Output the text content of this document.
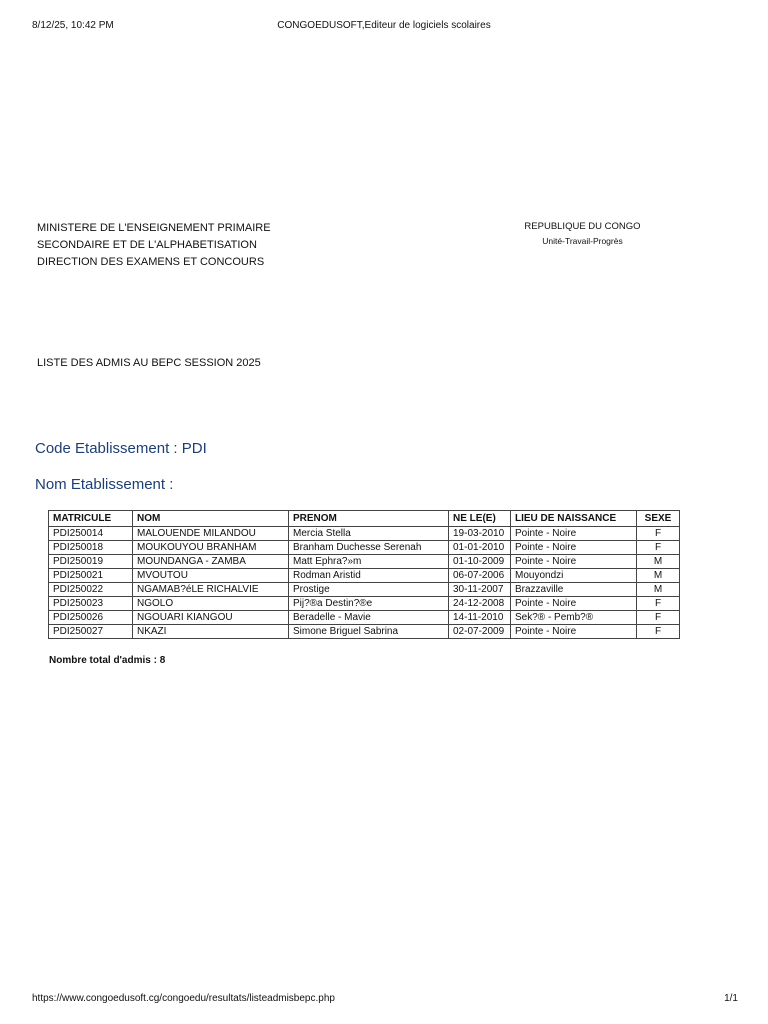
8/12/25, 10:42 PM	CONGOEDUSOFT,Editeur de logiciels scolaires
MINISTERE DE L'ENSEIGNEMENT PRIMAIRE
SECONDAIRE ET DE L'ALPHABETISATION
DIRECTION DES EXAMENS ET CONCOURS
REPUBLIQUE DU CONGO
Unité-Travail-Progrès
LISTE DES ADMIS AU BEPC SESSION 2025
Code Etablissement : PDI
Nom Etablissement :
MATRICULE	NOM	PRENOM	NE LE(E)	LIEU DE NAISSANCE	SEXE
PDI250014	MALOUENDE MILANDOU	Mercia Stella	19-03-2010	Pointe - Noire	F
PDI250018	MOUKOUYOU BRANHAM	Branham Duchesse Serenah	01-01-2010	Pointe - Noire	F
PDI250019	MOUNDANGA - ZAMBA	Matt Ephra?»m	01-10-2009	Pointe - Noire	M
PDI250021	MVOUTOU	Rodman Aristid	06-07-2006	Mouyondzi	M
PDI250022	NGAMAB?éLE RICHALVIE	Prostige	30-11-2007	Brazzaville	M
PDI250023	NGOLO	Pij?®a Destin?®e	24-12-2008	Pointe - Noire	F
PDI250026	NGOUARI KIANGOU	Beradelle - Mavie	14-11-2010	Sek?® - Pemb?®	F
PDI250027	NKAZI	Simone Briguel Sabrina	02-07-2009	Pointe - Noire	F
Nombre total d'admis : 8
https://www.congoedusoft.cg/congoedu/resultats/listeadmisbepc.php	1/1
